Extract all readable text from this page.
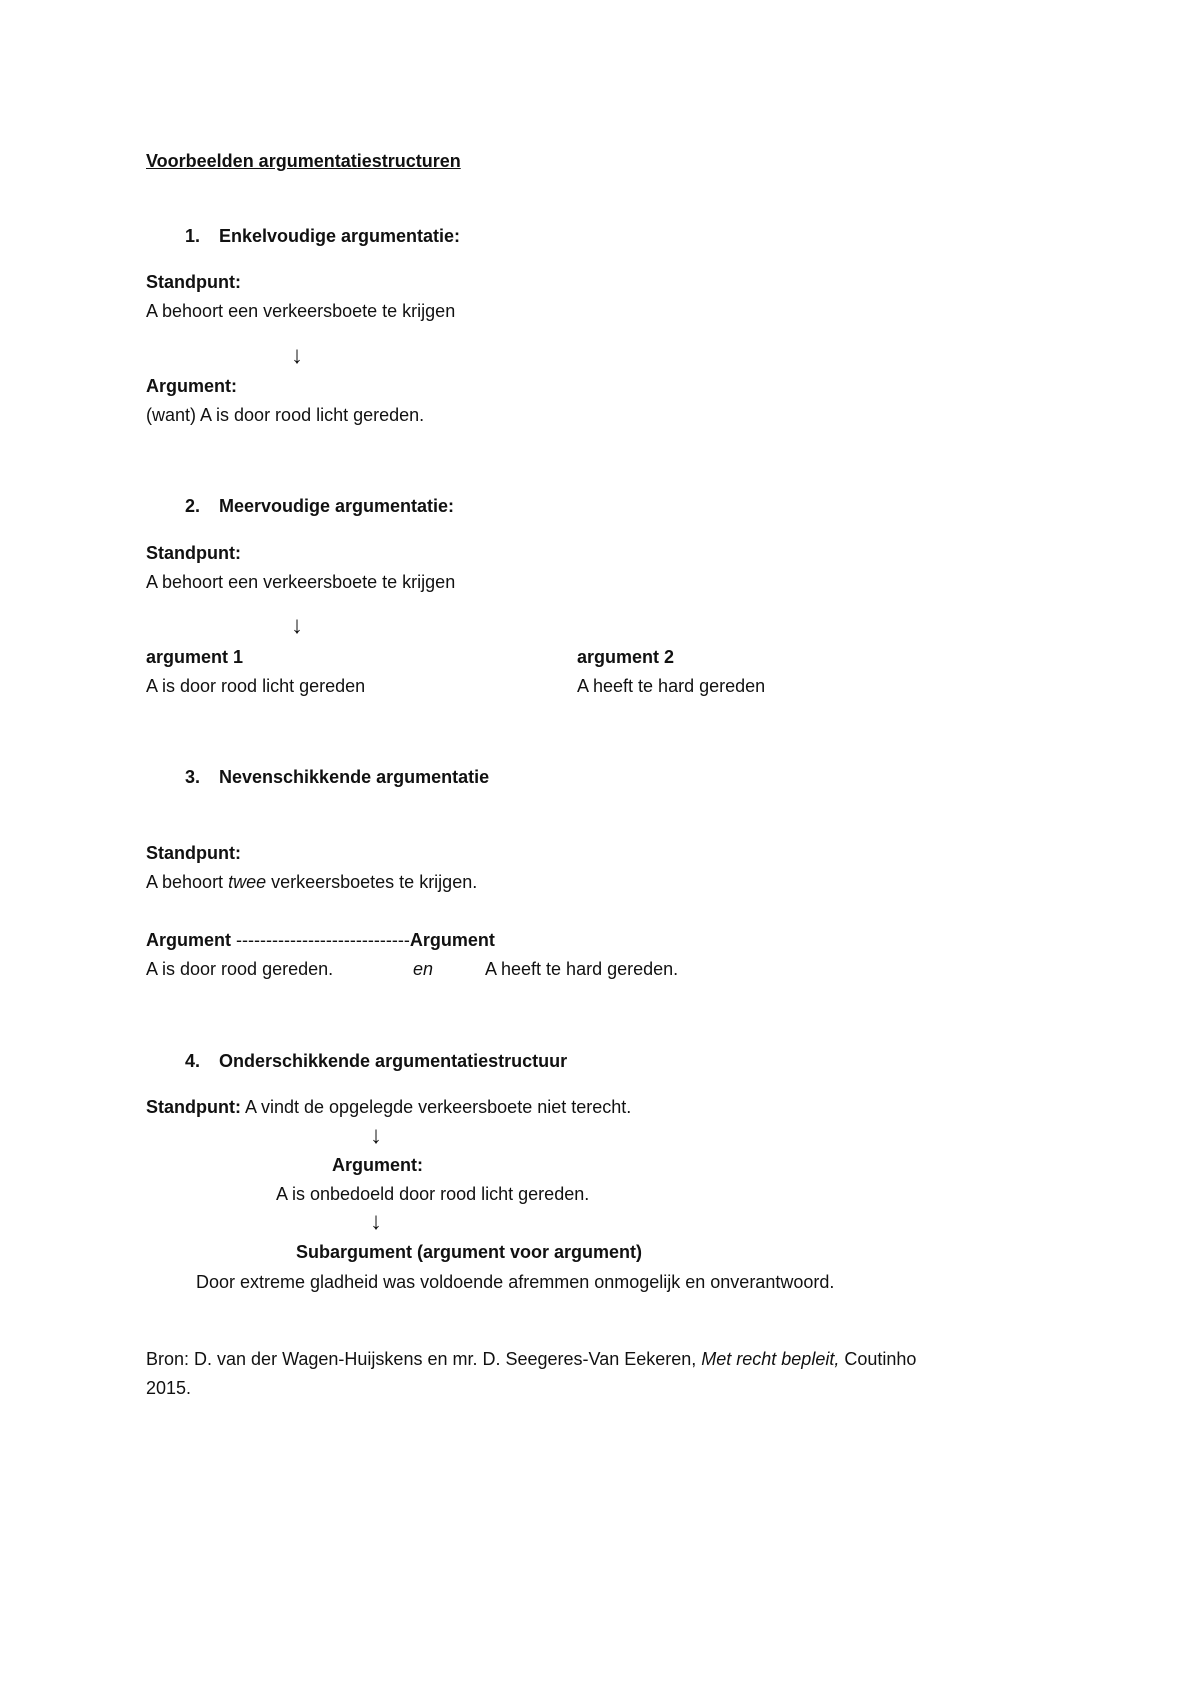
Voorbeelden argumentatiestructuren
1. Enkelvoudige argumentatie:
Standpunt:
A behoort een verkeersboete te krijgen
↓
Argument:
(want) A is door rood licht gereden.
2. Meervoudige argumentatie:
Standpunt:
A behoort een verkeersboete te krijgen
↓
argument 1
A is door rood licht gereden
argument 2
A heeft te hard gereden
3. Nevenschikkende argumentatie
Standpunt:
A behoort twee verkeersboetes te krijgen.
Argument -----------------------------Argument
A is door rood gereden.	en	A heeft te hard gereden.
4. Onderschikkende argumentatiestructuur
Standpunt: A vindt de opgelegde verkeersboete niet terecht.
↓
Argument:
A is onbedoeld door rood licht gereden.
↓
Subargument (argument voor argument)
Door extreme gladheid was voldoende afremmen onmogelijk en onverantwoord.
Bron: D. van der Wagen-Huijskens en mr. D. Seegeres-Van Eekeren, Met recht bepleit, Coutinho
2015.
